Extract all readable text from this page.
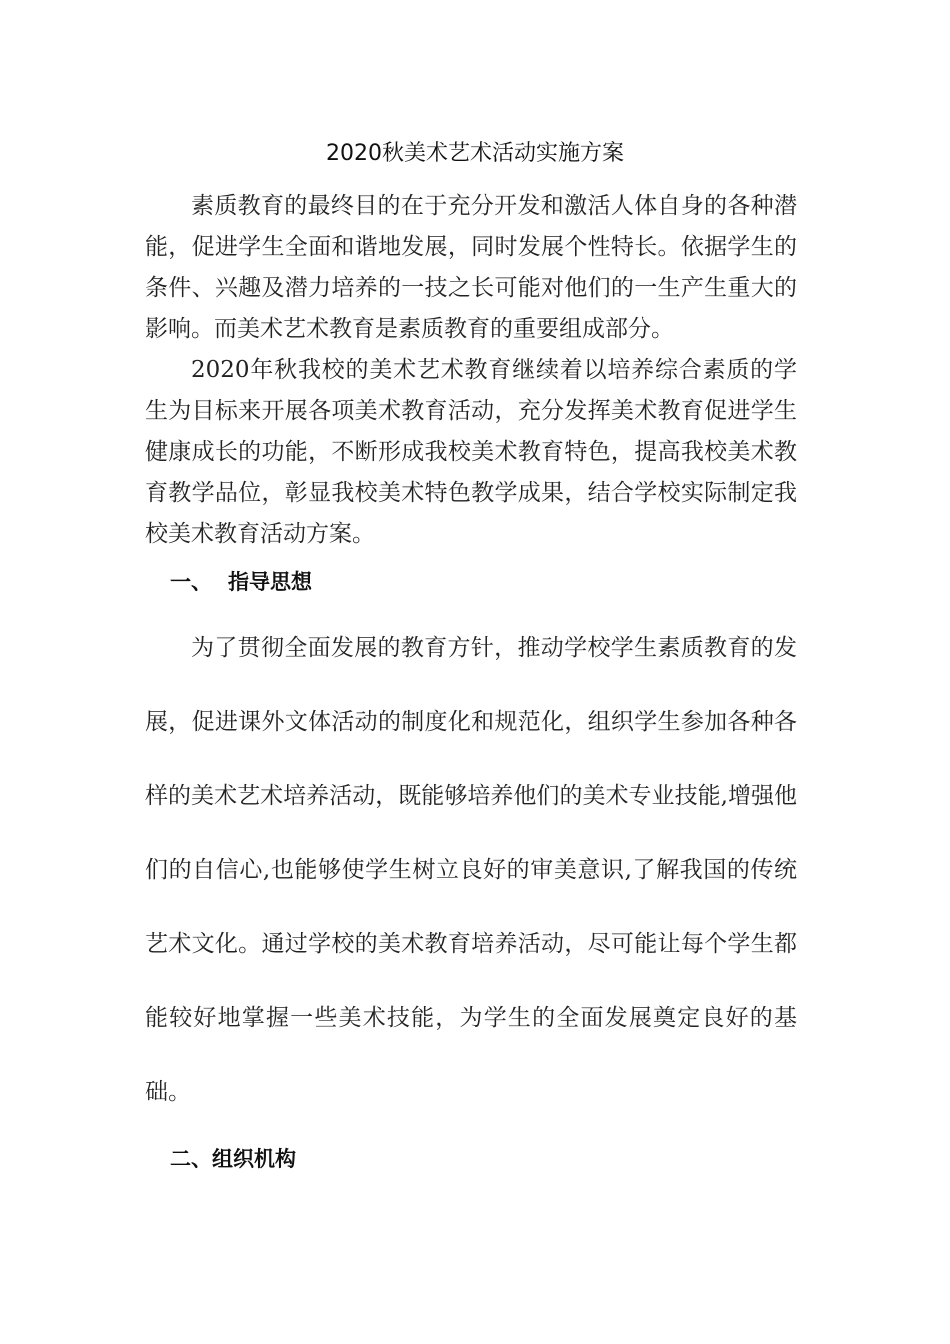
2020秋美术艺术活动实施方案

素质教育的最终目的在于充分开发和激活人体自身的各种潜能，促进学生全面和谐地发展，同时发展个性特长。依据学生的条件、兴趣及潜力培养的一技之长可能对他们的一生产生重大的影响。而美术艺术教育是素质教育的重要组成部分。

2020年秋我校的美术艺术教育继续着以培养综合素质的学生为目标来开展各项美术教育活动，充分发挥美术教育促进学生健康成长的功能，不断形成我校美术教育特色，提高我校美术教育教学品位，彰显我校美术特色教学成果，结合学校实际制定我校美术教育活动方案。

一、 指导思想

为了贯彻全面发展的教育方针，推动学校学生素质教育的发展，促进课外文体活动的制度化和规范化，组织学生参加各种各样的美术艺术培养活动，既能够培养他们的美术专业技能,增强他们的自信心,也能够使学生树立良好的审美意识,了解我国的传统艺术文化。通过学校的美术教育培养活动，尽可能让每个学生都能较好地掌握一些美术技能，为学生的全面发展奠定良好的基础。

二、组织机构
